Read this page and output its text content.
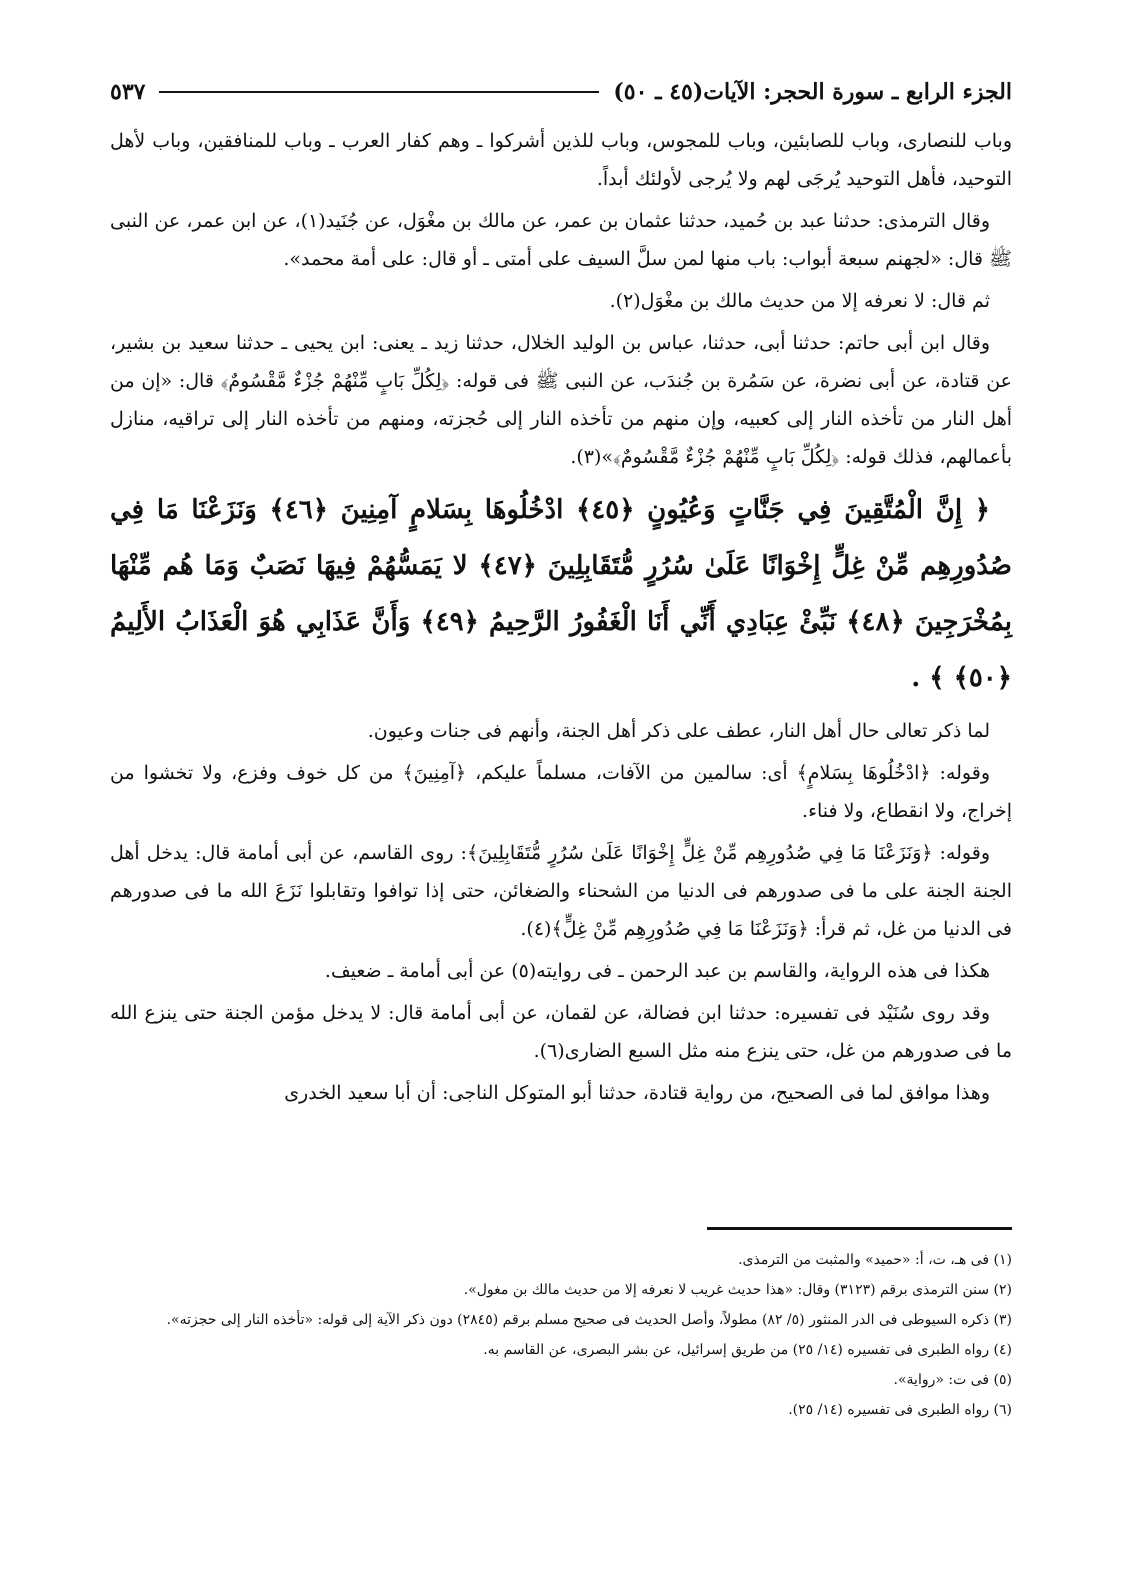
الجزء الرابع ـ سورة الحجر: الآيات(٤٥ ـ ٥٠)
٥٣٧

وباب للنصارى، وباب للصابئين، وباب للمجوس، وباب للذين أشركوا ـ وهم كفار العرب ـ وباب للمنافقين، وباب لأهل التوحيد، فأهل التوحيد يُرجَى لهم ولا يُرجى لأولئك أبداً.

وقال الترمذى: حدثنا عبد بن حُميد، حدثنا عثمان بن عمر، عن مالك بن مغْوَل، عن جُنَيد(١)، عن ابن عمر، عن النبى ﷺ قال: «لجهنم سبعة أبواب: باب منها لمن سلَّ السيف على أمتى ـ أو قال: على أمة محمد».

ثم قال: لا نعرفه إلا من حديث مالك بن مغْوَل(٢).

وقال ابن أبى حاتم: حدثنا أبى، حدثنا، عباس بن الوليد الخلال، حدثنا زيد ـ يعنى: ابن يحيى ـ حدثنا سعيد بن بشير، عن قتادة، عن أبى نضرة، عن سَمُرة بن جُندَب، عن النبى ﷺ فى قوله: ﴿لِكُلِّ بَابٍ مِّنْهُمْ جُزْءٌ مَّقْسُومٌ﴾ قال: «إن من أهل النار من تأخذه النار إلى كعبيه، وإن منهم من تأخذه النار إلى حُجزته، ومنهم من تأخذه النار إلى تراقيه، منازل بأعمالهم، فذلك قوله: ﴿لِكُلِّ بَابٍ مِّنْهُمْ جُزْءٌ مَّقْسُومٌ﴾»(٣).

﴿ إِنَّ الْمُتَّقِينَ فِي جَنَّاتٍ وَعُيُونٍ ﴿٤٥﴾ ادْخُلُوهَا بِسَلامٍ آمِنِينَ ﴿٤٦﴾ وَنَزَعْنَا مَا فِي صُدُورِهِم مِّنْ غِلٍّ إِخْوَانًا عَلَىٰ سُرُرٍ مُّتَقَابِلِينَ ﴿٤٧﴾ لا يَمَسُّهُمْ فِيهَا نَصَبٌ وَمَا هُم مِّنْهَا بِمُخْرَجِينَ ﴿٤٨﴾ نَبِّئْ عِبَادِي أَنِّي أَنَا الْغَفُورُ الرَّحِيمُ ﴿٤٩﴾ وَأَنَّ عَذَابِي هُوَ الْعَذَابُ الأَلِيمُ ﴿٥٠﴾ ﴾ .

لما ذكر تعالى حال أهل النار، عطف على ذكر أهل الجنة، وأنهم فى جنات وعيون.

وقوله: ﴿ادْخُلُوهَا بِسَلامٍ﴾ أى: سالمين من الآفات، مسلماً عليكم، ﴿آمِنِينَ﴾ من كل خوف وفزع، ولا تخشوا من إخراج، ولا انقطاع، ولا فناء.

وقوله: ﴿وَنَزَعْنَا مَا فِي صُدُورِهِم مِّنْ غِلٍّ إِخْوَانًا عَلَىٰ سُرُرٍ مُّتَقَابِلِينَ﴾: روى القاسم، عن أبى أمامة قال: يدخل أهل الجنة الجنة على ما فى صدورهم فى الدنيا من الشحناء والضغائن، حتى إذا توافوا وتقابلوا نَزَعَ الله ما فى صدورهم فى الدنيا من غل، ثم قرأ: ﴿وَنَزَعْنَا مَا فِي صُدُورِهِم مِّنْ غِلٍّ﴾(٤).

هكذا فى هذه الرواية، والقاسم بن عبد الرحمن ـ فى روايته(٥) عن أبى أمامة ـ ضعيف.

وقد روى سُنَيْد فى تفسيره: حدثنا ابن فضالة، عن لقمان، عن أبى أمامة قال: لا يدخل مؤمن الجنة حتى ينزع الله ما فى صدورهم من غل، حتى ينزع منه مثل السبع الضارى(٦).

وهذا موافق لما فى الصحيح، من رواية قتادة، حدثنا أبو المتوكل الناجى: أن أبا سعيد الخدرى

(١) فى هـ، ت، أ: «حميد» والمثبت من الترمذى.

(٢) سنن الترمذى برقم (٣١٢٣) وقال: «هذا حديث غريب لا نعرفه إلا من حديث مالك بن مغول».

(٣) ذكره السيوطى فى الدر المنثور (٥/ ٨٢) مطولاً، وأصل الحديث فى صحيح مسلم برقم (٢٨٤٥) دون ذكر الآية إلى قوله: «تأخذه النار إلى حجزته».

(٤) رواه الطبرى فى تفسيره (١٤/ ٢٥) من طريق إسرائيل، عن بشر البصرى، عن القاسم به.

(٥) فى ت: «رواية».

(٦) رواه الطبرى فى تفسيره (١٤/ ٢٥).
